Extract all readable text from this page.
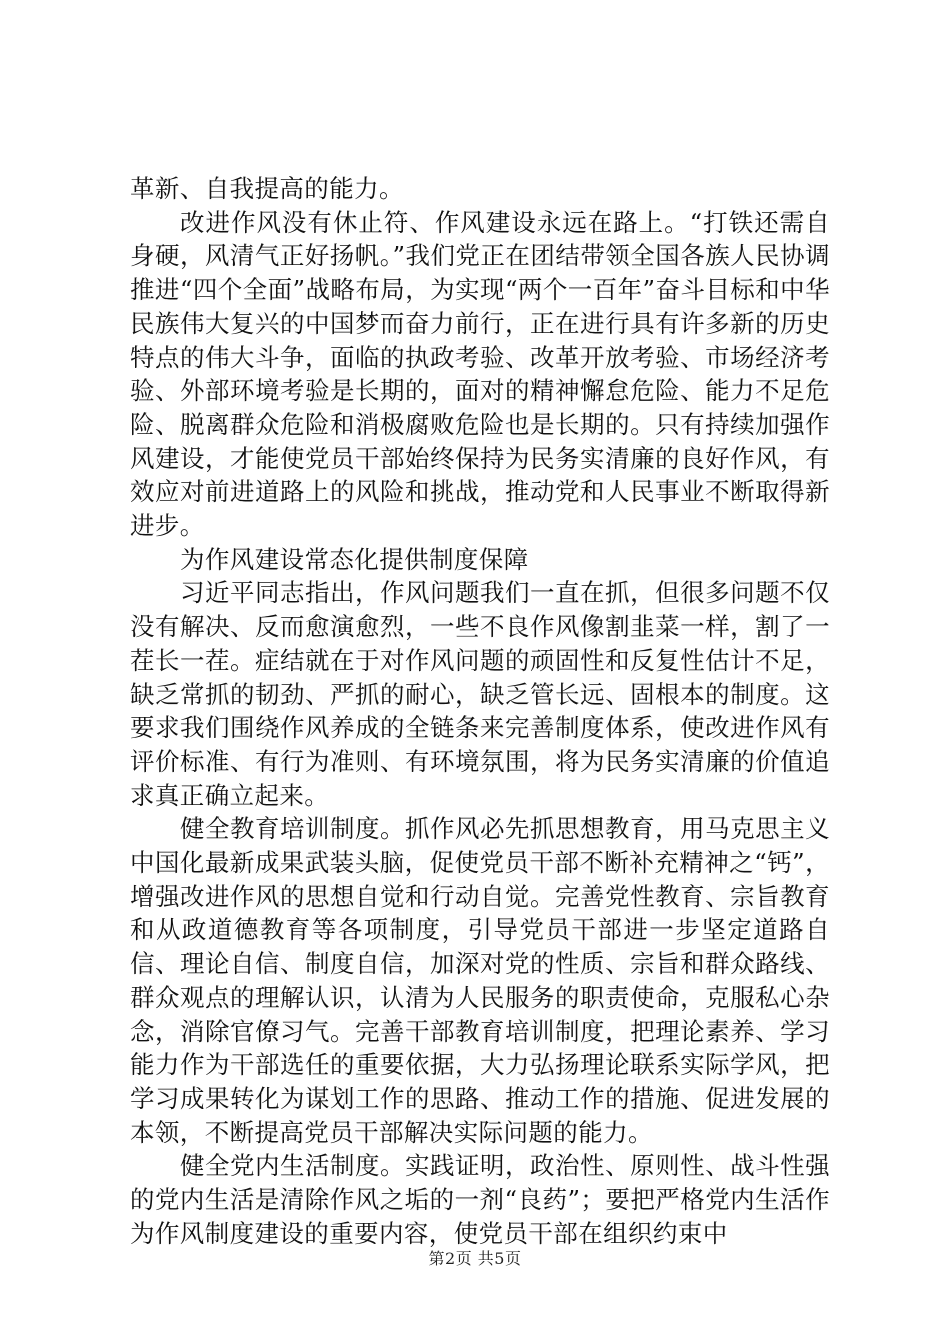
革新、自我提高的能力。

改进作风没有休止符、作风建设永远在路上。“打铁还需自身硬，风清气正好扬帆。”我们党正在团结带领全国各族人民协调推进“四个全面”战略布局，为实现“两个一百年”奋斗目标和中华民族伟大复兴的中国梦而奋力前行，正在进行具有许多新的历史特点的伟大斗争，面临的执政考验、改革开放考验、市场经济考验、外部环境考验是长期的，面对的精神懈怠危险、能力不足危险、脱离群众危险和消极腐败危险也是长期的。只有持续加强作风建设，才能使党员干部始终保持为民务实清廉的良好作风，有效应对前进道路上的风险和挑战，推动党和人民事业不断取得新进步。

为作风建设常态化提供制度保障

习近平同志指出，作风问题我们一直在抓，但很多问题不仅没有解决、反而愈演愈烈，一些不良作风像割韭菜一样，割了一茬长一茬。症结就在于对作风问题的顽固性和反复性估计不足，缺乏常抓的韧劲、严抓的耐心，缺乏管长远、固根本的制度。这要求我们围绕作风养成的全链条来完善制度体系，使改进作风有评价标准、有行为准则、有环境氛围，将为民务实清廉的价值追求真正确立起来。

健全教育培训制度。抓作风必先抓思想教育，用马克思主义中国化最新成果武装头脑，促使党员干部不断补充精神之“钙”，增强改进作风的思想自觉和行动自觉。完善党性教育、宗旨教育和从政道德教育等各项制度，引导党员干部进一步坚定道路自信、理论自信、制度自信，加深对党的性质、宗旨和群众路线、群众观点的理解认识，认清为人民服务的职责使命，克服私心杂念，消除官僚习气。完善干部教育培训制度，把理论素养、学习能力作为干部选任的重要依据，大力弘扬理论联系实际学风，把学习成果转化为谋划工作的思路、推动工作的措施、促进发展的本领，不断提高党员干部解决实际问题的能力。

健全党内生活制度。实践证明，政治性、原则性、战斗性强的党内生活是清除作风之垢的一剂“良药”；要把严格党内生活作为作风制度建设的重要内容，使党员干部在组织约束中

第2页 共5页
